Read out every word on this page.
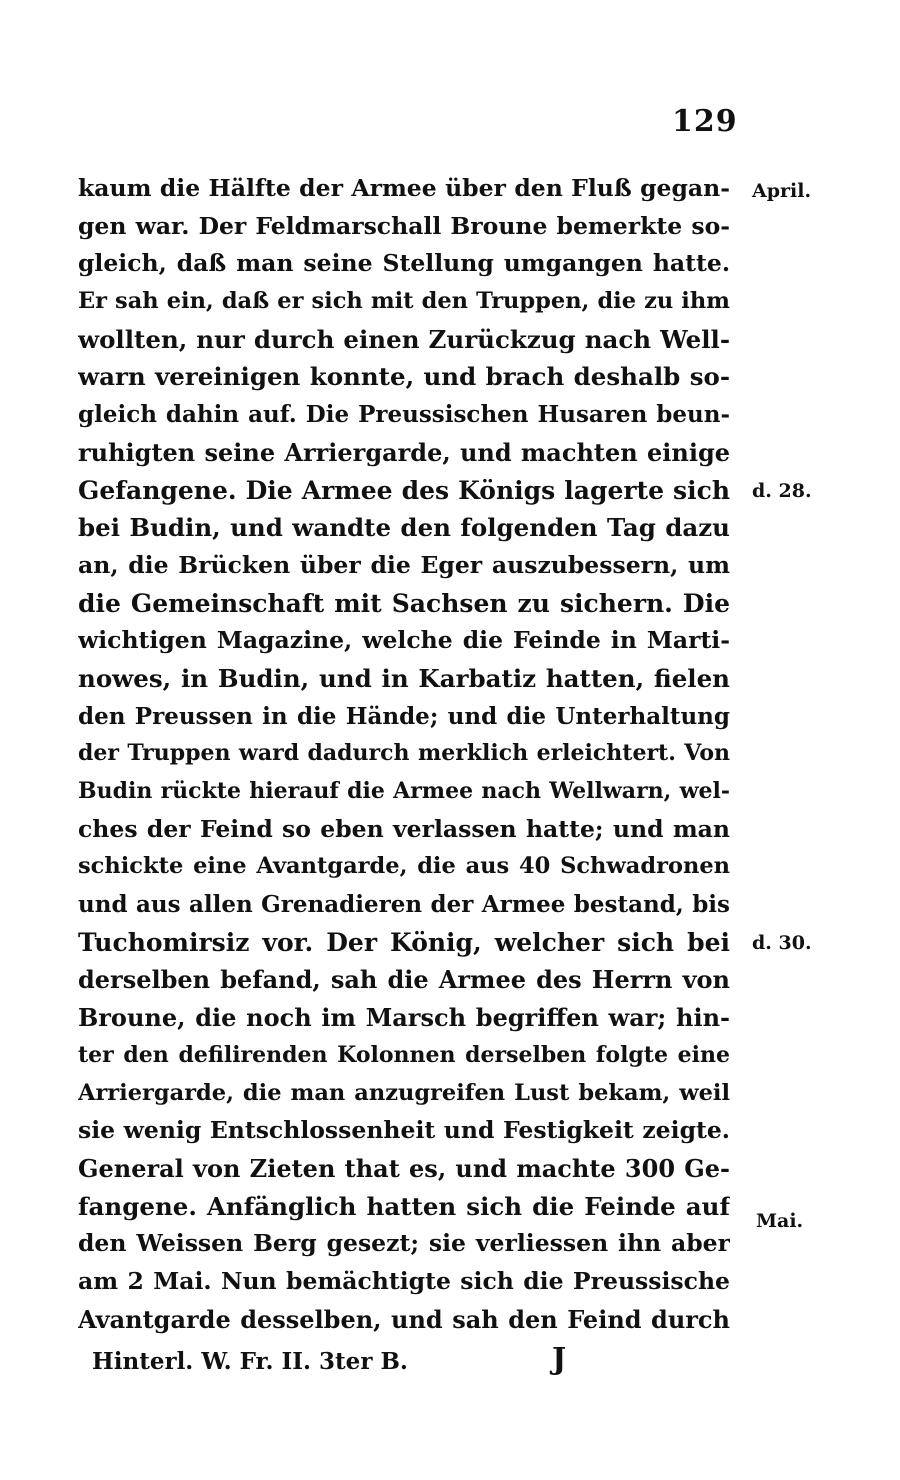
129
kaum die Hälfte der Armee über den Fluß gegan-
gen war. Der Feldmarschall Broune bemerkte so-
gleich, daß man seine Stellung umgangen hatte.
Er sah ein, daß er sich mit den Truppen, die zu ihm
wollten, nur durch einen Zurückzug nach Well-
warn vereinigen konnte, und brach deshalb so-
gleich dahin auf. Die Preussischen Husaren beun-
ruhigten seine Arriergarde, und machten einige
Gefangene. Die Armee des Königs lagerte sich
bei Budin, und wandte den folgenden Tag dazu
an, die Brücken über die Eger auszubessern, um
die Gemeinschaft mit Sachsen zu sichern. Die
wichtigen Magazine, welche die Feinde in Marti-
nowes, in Budin, und in Karbatiz hatten, fielen
den Preussen in die Hände; und die Unterhaltung
der Truppen ward dadurch merklich erleichtert. Von
Budin rückte hierauf die Armee nach Wellwarn, wel-
ches der Feind so eben verlassen hatte; und man
schickte eine Avantgarde, die aus 40 Schwadronen
und aus allen Grenadieren der Armee bestand, bis
Tuchomirsiz vor. Der König, welcher sich bei
derselben befand, sah die Armee des Herrn von
Broune, die noch im Marsch begriffen war; hin-
ter den defilirenden Kolonnen derselben folgte eine
Arriergarde, die man anzugreifen Lust bekam, weil
sie wenig Entschlossenheit und Festigkeit zeigte.
General von Zieten that es, und machte 300 Ge-
fangene. Anfänglich hatten sich die Feinde auf
den Weissen Berg gesezt; sie verliessen ihn aber
am 2 Mai. Nun bemächtigte sich die Preussische
Avantgarde desselben, und sah den Feind durch
April.
d. 28.
d. 30.
Mai.
Hinterl. W. Fr. II. 3ter B.	J
